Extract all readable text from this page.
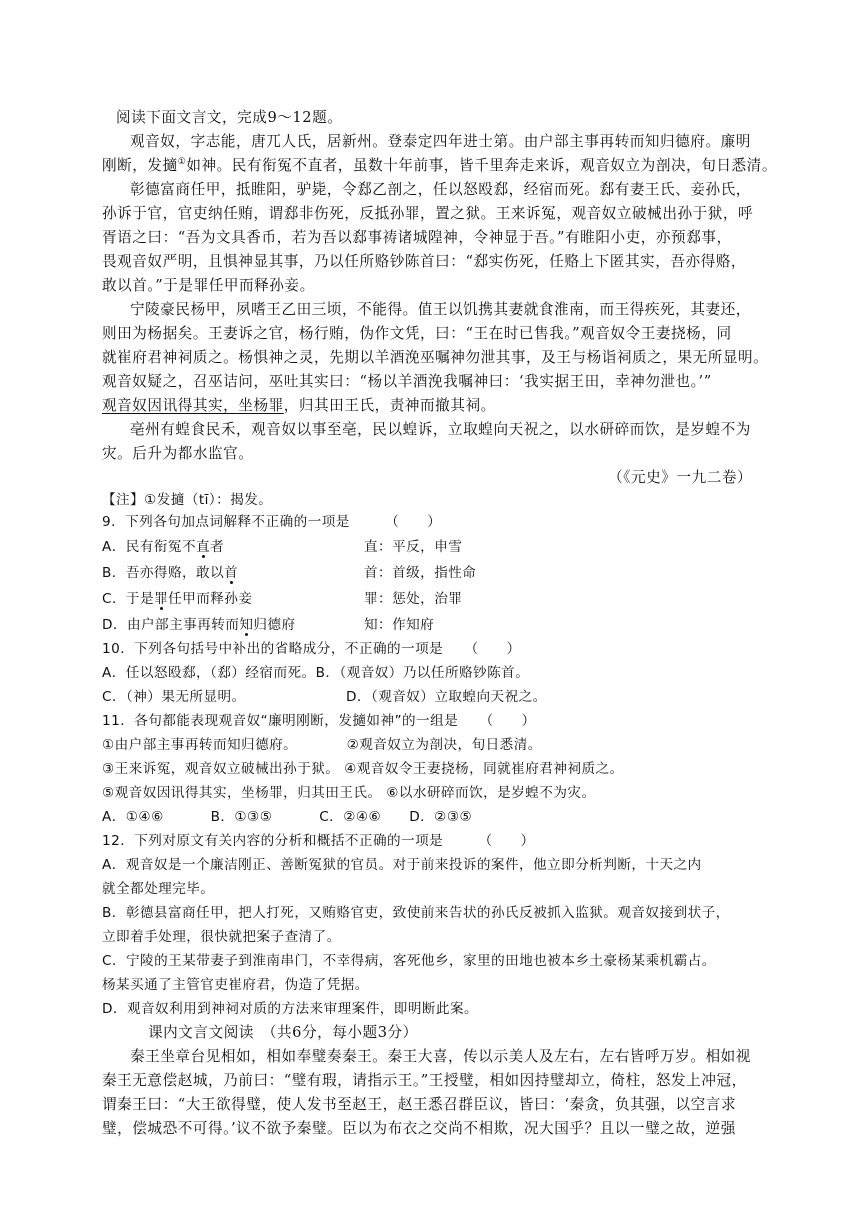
阅读下面文言文，完成9～12题。
观音奴，字志能，唐兀人氏，居新州。登泰定四年进士第。由户部主事再转而知归德府。廉明
刚断，发擿①如神。民有衔冤不直者，虽数十年前事，皆千里奔走来诉，观音奴立为剖决，旬日悉清。
彰德富商任甲，抵睢阳，驴毙，令郄乙剖之，任以怒殴郄，经宿而死。郄有妻王氏、妾孙氏，
孙诉于官，官吏纳任贿，谓郄非伤死，反抵孙罪，置之狱。王来诉冤，观音奴立破械出孙于狱，呼
胥语之曰：“吾为文具香币，若为吾以郄事祷诸城隍神，令神显于吾。”有睢阳小吏，亦预郄事，
畏观音奴严明，且惧神显其事，乃以任所赂钞陈首曰：“郄实伤死，任赂上下匿其实，吾亦得赂，
敢以首。”于是罪任甲而释孙妾。
宁陵豪民杨甲，夙嗜王乙田三顷，不能得。值王以饥携其妻就食淮南，而王得疾死，其妻还，
则田为杨据矣。王妻诉之官，杨行贿，伪作文凭，曰：“王在时已售我。”观音奴令王妻挠杨，同
就崔府君神祠质之。杨惧神之灵，先期以羊酒浼巫嘱神勿泄其事，及王与杨诣祠质之，果无所显明。
观音奴疑之，召巫诘问，巫吐其实曰：“杨以羊酒浼我嘱神曰：‘我实据王田，幸神勿泄也。’”
观音奴因讯得其实，坐杨罪，归其田王氏，责神而撤其祠。
亳州有蝗食民禾，观音奴以事至亳，民以蝗诉，立取蝗向天祝之，以水研碎而饮，是岁蝗不为
灾。后升为都水监官。
（《元史》一九二卷）
【注】①发擿（tī）：揭发。
9．下列各句加点词解释不正确的一项是　　　（　　）
A．民有衔冤不直者	直：平反，申雪
B．吾亦得赂，敢以首	首：首级，指性命
C．于是罪任甲而释孙妾	罪：惩处，治罪
D．由户部主事再转而知归德府	知：作知府
10．下列各句括号中补出的省略成分，不正确的一项是　　（　　）
A．任以怒殴郄，（郄）经宿而死。B．（观音奴）乃以任所赂钞陈首。
C．（神）果无所显明。	D．（观音奴）立取蝗向天祝之。
11．各句都能表现观音奴“廉明刚断，发擿如神”的一组是　　（　　）
①由户部主事再转而知归德府。　　　　②观音奴立为剖决，旬日悉清。
③王来诉冤，观音奴立破械出孙于狱。 ④观音奴令王妻挠杨，同就崔府君神祠质之。
⑤观音奴因讯得其实，坐杨罪，归其田王氏。 ⑥以水研碎而饮，是岁蝗不为灾。
A．①④⑥　　　 B．①③⑤　　　 C．②④⑥　　D．②③⑤
12．下列对原文有关内容的分析和概括不正确的一项是　　　（　　）
A．观音奴是一个廉洁刚正、善断冤狱的官员。对于前来投诉的案件，他立即分析判断，十天之内
就全都处理完毕。
B．彰德县富商任甲，把人打死，又贿赂官吏，致使前来告状的孙氏反被抓入监狱。观音奴接到状子，
立即着手处理，很快就把案子查清了。
C．宁陵的王某带妻子到淮南串门，不幸得病，客死他乡，家里的田地也被本乡土豪杨某乘机霸占。
杨某买通了主管官吏崔府君，伪造了凭据。
D．观音奴利用到神祠对质的方法来审理案件，即明断此案。
课内文言文阅读　（共6分，每小题3分）
秦王坐章台见相如，相如奉璧奏秦王。秦王大喜，传以示美人及左右，左右皆呼万岁。相如视
秦王无意偿赵城，乃前曰：“璧有瑕，请指示王。”王授璧，相如因持璧却立，倚柱，怒发上冲冠，
谓秦王曰：“大王欲得璧，使人发书至赵王，赵王悉召群臣议，皆曰：‘秦贪，负其强，以空言求
璧，偿城恐不可得。’议不欲予秦璧。臣以为布衣之交尚不相欺，况大国乎？且以一璧之故，逆强
